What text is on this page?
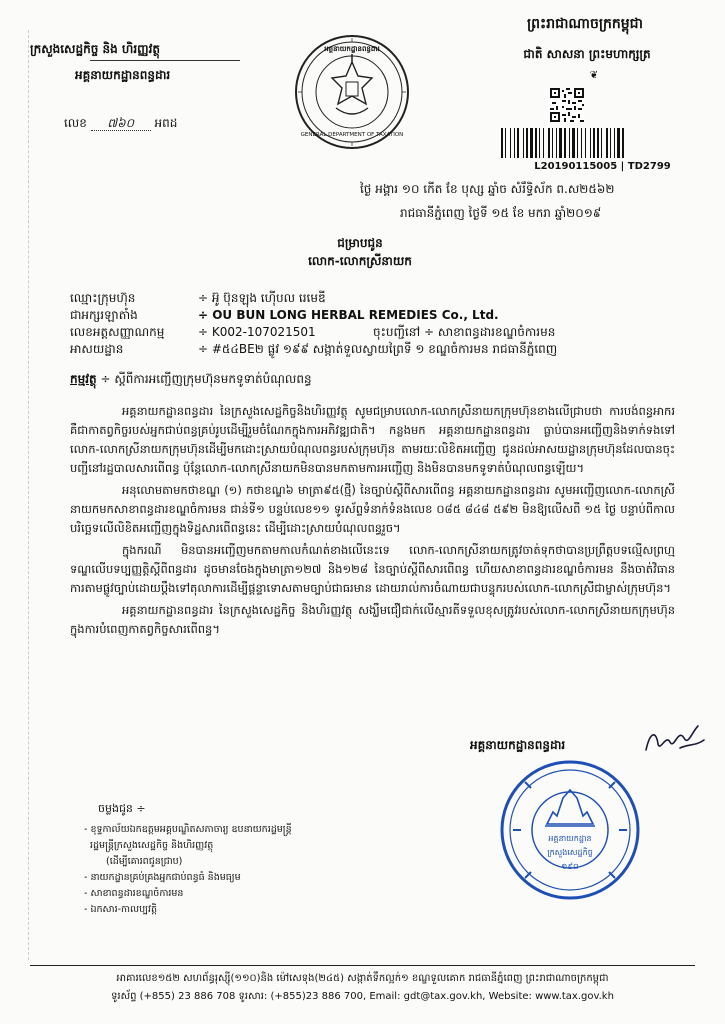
ក្រសួងសេដ្ឋកិច្ច និង ហិរញ្ញវត្ថុ
អគ្គនាយកដ្ឋានពន្ធដារ
លេខ ៧៦០ អពដ
អគ្គនាយកដ្ឋានពន្ធដារ
GENERAL DEPARTMENT OF TAXATION
ព្រះរាជាណាចក្រកម្ពុជា
ជាតិ សាសនា ព្រះមហាក្សត្រ
❦
L20190115005 | TD2799
ថ្ងៃ អង្គារ ១០ កើត ខែ បុស្ស ឆ្នាំច សំរឹទ្ធិស័ក ព.ស២៥៦២
រាជធានីភ្នំពេញ ថ្ងៃទី ១៥ ខែ មករា ឆ្នាំ២០១៩
ជម្រាបជូន
លោក-លោកស្រីនាយក
ឈ្មោះក្រុមហ៊ុន	÷ អ៊ូ ប៊ុនឡុង ហ៊ើបល រេមេឌី
ជាអក្សរឡាតាំង	÷ OU BUN LONG HERBAL REMEDIES Co., Ltd.
លេខអត្តសញ្ញាណកម្ម	÷ K002-107021501	ចុះបញ្ជីនៅ ÷ សាខាពន្ធដារខណ្ឌចំការមន
អាសយដ្ឋាន	÷ #៥៤BE២ ផ្លូវ ១៩៩ សង្កាត់ទួលស្វាយព្រៃទី ១ ខណ្ឌចំការមន រាជធានីភ្នំពេញ
កម្មវត្ថុ ÷ ស្តីពីការអញ្ជើញក្រុមហ៊ុនមកទូទាត់បំណុលពន្ធ

អគ្គនាយកដ្ឋានពន្ធដារ នៃក្រសួងសេដ្ឋកិច្ចនិងហិរញ្ញវត្ថុ សូមជម្រាបលោក-លោកស្រីនាយកក្រុមហ៊ុនខាងលើជ្រាបថា ការបង់ពន្ធអាករគឺជាកាតព្វកិច្ចរបស់អ្នកជាប់ពន្ធគ្រប់រូបដើម្បីរួមចំណែកក្នុងការអភិវឌ្ឍជាតិ។ កន្លងមក អគ្គនាយកដ្ឋានពន្ធដារ ធ្លាប់បានអញ្ជើញនិងទាក់ទងទៅលោក-លោកស្រីនាយកក្រុមហ៊ុនដើម្បីមកដោះស្រាយបំណុលពន្ធរបស់ក្រុមហ៊ុន តាមរយៈលិខិតអញ្ជើញ ជូនដល់អាសយដ្ឋានក្រុមហ៊ុនដែលបានចុះបញ្ជីនៅរដ្ឋបាលសារពើពន្ធ ប៉ុន្តែលោក-លោកស្រីនាយកមិនបានមកតាមការអញ្ជើញ និងមិនបានមកទូទាត់បំណុលពន្ធឡើយ។

អនុលោមតាមកថាខណ្ឌ (១) កថាខណ្ឌ៦ មាត្រា៩៥(ថ្មី) នៃច្បាប់ស្តីពីសារពើពន្ធ អគ្គនាយកដ្ឋានពន្ធដារ សូមអញ្ជើញលោក-លោកស្រីនាយកមកសាខាពន្ធដារខណ្ឌចំការមន ជាន់ទី១ បន្ទប់លេខ១១ ទូរស័ព្ទទំនាក់ទំនងលេខ ០៨៥ ៨៤៨ ៥៩២ មិនឱ្យលើសពី ១៥ ថ្ងៃ បន្ទាប់ពីកាលបរិច្ឆេទលើលិខិតអញ្ជើញក្នុងទិដ្ឋសារពើពន្ធនេះ ដើម្បីដោះស្រាយបំណុលពន្ធរួច។

ក្នុងករណី មិនបានអញ្ជើញមកតាមកាលកំណត់ខាងលើនេះទេ លោក-លោកស្រីនាយកត្រូវចាត់ទុកថាបានប្រព្រឹត្តបទល្មើសព្រហ្មទណ្ឌលើបទប្បញ្ញត្តិស្តីពីពន្ធដារ ដូចមានចែងក្នុងមាត្រា១២៧ និង១២៨ នៃច្បាប់ស្តីពីសារពើពន្ធ ហើយសាខាពន្ធដារខណ្ឌចំការមន នឹងចាត់វិធានការតាមផ្លូវច្បាប់ដោយប្តឹងទៅតុលាការដើម្បីផ្តន្ទាទោសតាមច្បាប់ជាធរមាន ដោយរាល់ការចំណាយជាបន្ទុករបស់លោក-លោកស្រីជាម្ចាស់ក្រុមហ៊ុន។

អគ្គនាយកដ្ឋានពន្ធដារ នៃក្រសួងសេដ្ឋកិច្ច និងហិរញ្ញវត្ថុ សង្ឃឹមជឿជាក់លើស្មារតីទទួលខុសត្រូវរបស់លោក-លោកស្រីនាយកក្រុមហ៊ុន ក្នុងការបំពេញកាតព្វកិច្ចសារពើពន្ធ។

អគ្គនាយកដ្ឋានពន្ធដារ
អគ្គនាយកដ្ឋាន
ក្រសួងសេដ្ឋកិច្ច
១៩០
ចម្លងជូន ÷
- ខុទ្ទកាល័យឯកឧត្តមអគ្គបណ្ឌិតសភាចារ្យ ឧបនាយករដ្ឋមន្រ្តី
រដ្ឋមន្រ្តីក្រសួងសេដ្ឋកិច្ច និងហិរញ្ញវត្ថុ
(ដើម្បីគោរពជូនជ្រាប)
- នាយកដ្ឋានគ្រប់គ្រងអ្នកជាប់ពន្ធធំ និងមធ្យម
- សាខាពន្ធដារខណ្ឌចំការមន
- ឯកសារ-កាលប្បវត្តិ
អាគារលេខ១៥២ សហព័ន្ធរុស្ស៊ី(១១០)និង ម៉ៅសេទុង(២៤៥) សង្កាត់ទឹកល្អក់១ ខណ្ឌទួលគោក រាជធានីភ្នំពេញ ព្រះរាជាណាចក្រកម្ពុជា
ទូរស័ព្ទ (+855) 23 886 708 ទូរសារ: (+855)23 886 700, Email: gdt@tax.gov.kh, Website: www.tax.gov.kh
